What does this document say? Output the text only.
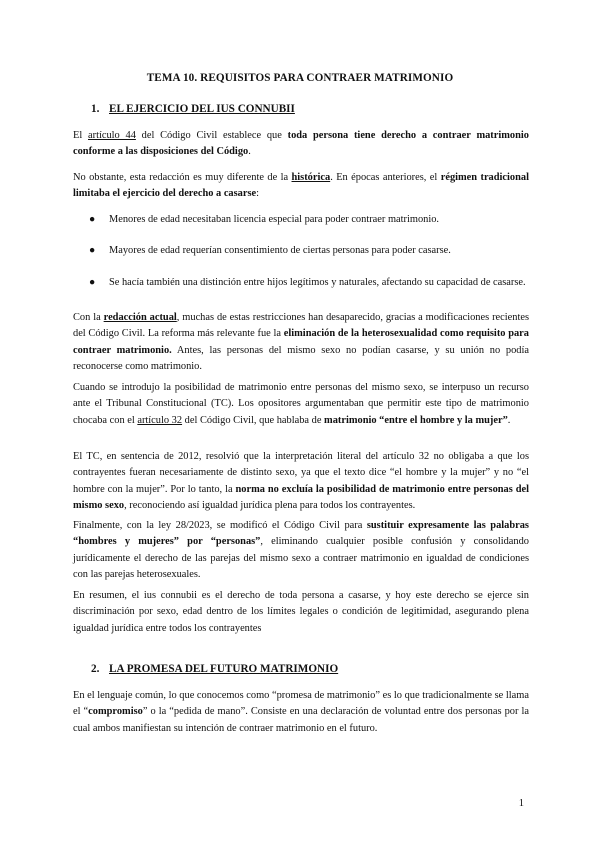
TEMA 10. REQUISITOS PARA CONTRAER MATRIMONIO
1. EL EJERCICIO DEL IUS CONNUBII
El artículo 44 del Código Civil establece que toda persona tiene derecho a contraer matrimonio conforme a las disposiciones del Código.
No obstante, esta redacción es muy diferente de la histórica. En épocas anteriores, el régimen tradicional limitaba el ejercicio del derecho a casarse:
● Menores de edad necesitaban licencia especial para poder contraer matrimonio.
● Mayores de edad requerían consentimiento de ciertas personas para poder casarse.
● Se hacía también una distinción entre hijos legítimos y naturales, afectando su capacidad de casarse.
Con la redacción actual, muchas de estas restricciones han desaparecido, gracias a modificaciones recientes del Código Civil. La reforma más relevante fue la eliminación de la heterosexualidad como requisito para contraer matrimonio. Antes, las personas del mismo sexo no podían casarse, y su unión no podía reconocerse como matrimonio.
Cuando se introdujo la posibilidad de matrimonio entre personas del mismo sexo, se interpuso un recurso ante el Tribunal Constitucional (TC). Los opositores argumentaban que permitir este tipo de matrimonio chocaba con el artículo 32 del Código Civil, que hablaba de matrimonio “entre el hombre y la mujer”.
El TC, en sentencia de 2012, resolvió que la interpretación literal del artículo 32 no obligaba a que los contrayentes fueran necesariamente de distinto sexo, ya que el texto dice “el hombre y la mujer” y no “el hombre con la mujer”. Por lo tanto, la norma no excluía la posibilidad de matrimonio entre personas del mismo sexo, reconociendo así igualdad jurídica plena para todos los contrayentes.
Finalmente, con la ley 28/2023, se modificó el Código Civil para sustituir expresamente las palabras “hombres y mujeres” por “personas”, eliminando cualquier posible confusión y consolidando jurídicamente el derecho de las parejas del mismo sexo a contraer matrimonio en igualdad de condiciones con las parejas heterosexuales.
En resumen, el ius connubii es el derecho de toda persona a casarse, y hoy este derecho se ejerce sin discriminación por sexo, edad dentro de los límites legales o condición de legitimidad, asegurando plena igualdad jurídica entre todos los contrayentes
2. LA PROMESA DEL FUTURO MATRIMONIO
En el lenguaje común, lo que conocemos como “promesa de matrimonio” es lo que tradicionalmente se llama el “compromiso” o la “pedida de mano”. Consiste en una declaración de voluntad entre dos personas por la cual ambos manifiestan su intención de contraer matrimonio en el futuro.
1
